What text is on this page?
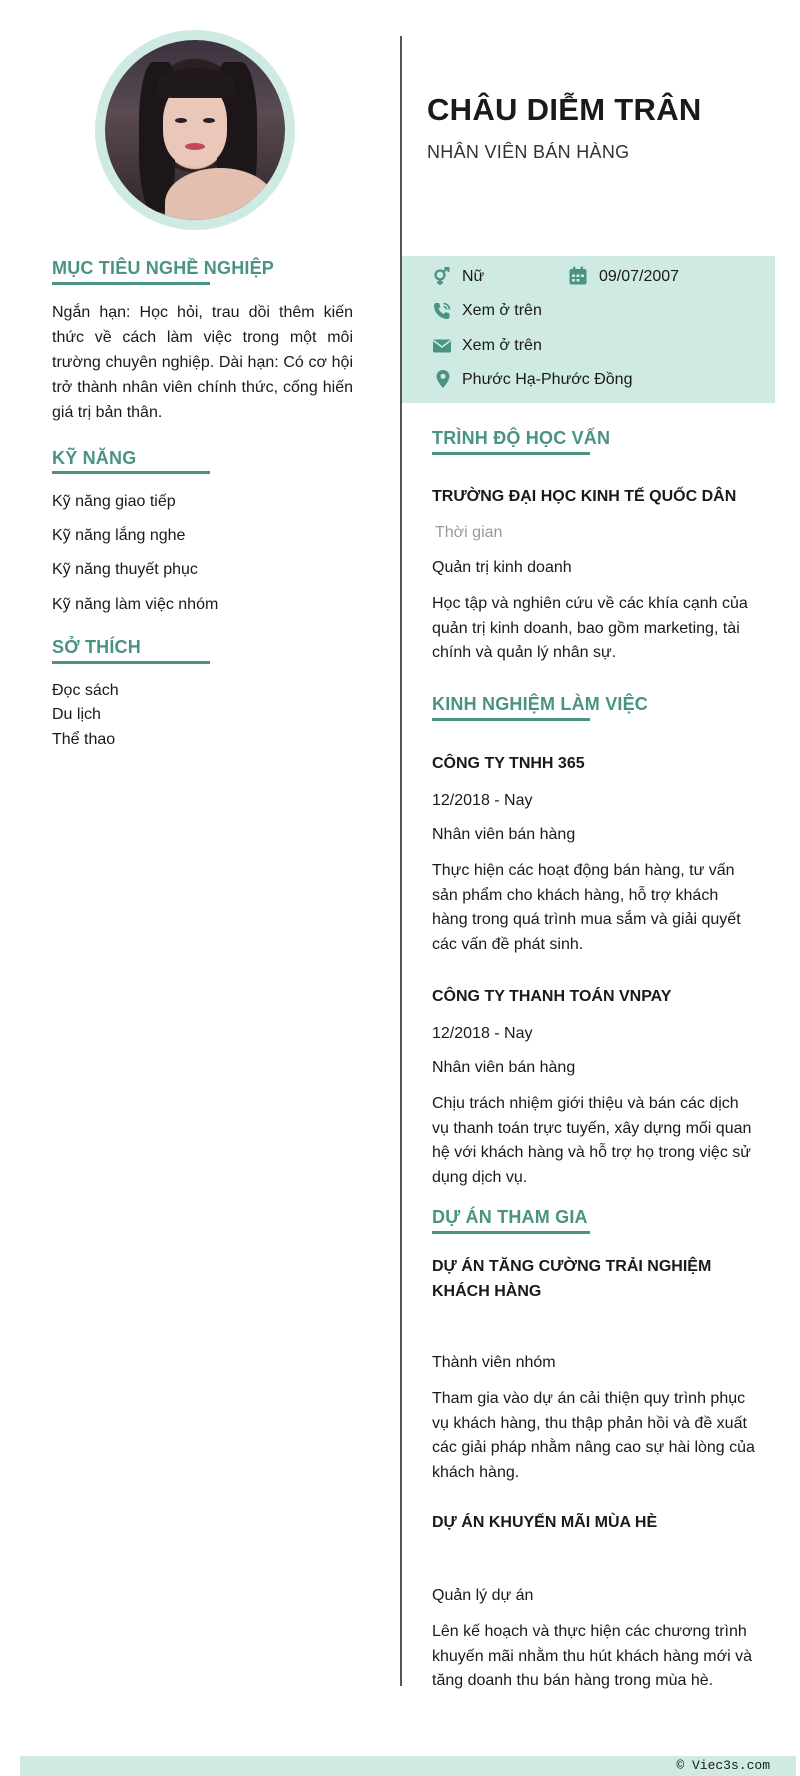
MỤC TIÊU NGHỀ NGHIỆP
Ngắn hạn: Học hỏi, trau dồi thêm kiến thức về cách làm việc trong một môi trường chuyên nghiệp. Dài hạn: Có cơ hội trở thành nhân viên chính thức, cống hiến giá trị bản thân.
KỸ NĂNG
Kỹ năng giao tiếp
Kỹ năng lắng nghe
Kỹ năng thuyết phục
Kỹ năng làm việc nhóm
SỞ THÍCH
Đọc sách
Du lịch
Thể thao
CHÂU DIỄM TRÂN
NHÂN VIÊN BÁN HÀNG
Nữ	09/07/2007
Xem ở trên
Xem ở trên
Phước Hạ-Phước Đồng
TRÌNH ĐỘ HỌC VẤN
TRƯỜNG ĐẠI HỌC KINH TẾ QUỐC DÂN
Thời gian
Quản trị kinh doanh
Học tập và nghiên cứu về các khía cạnh của quản trị kinh doanh, bao gồm marketing, tài chính và quản lý nhân sự.
KINH NGHIỆM LÀM VIỆC
CÔNG TY TNHH 365
12/2018 - Nay
Nhân viên bán hàng
Thực hiện các hoạt động bán hàng, tư vấn sản phẩm cho khách hàng, hỗ trợ khách hàng trong quá trình mua sắm và giải quyết các vấn đề phát sinh.
CÔNG TY THANH TOÁN VNPAY
12/2018 - Nay
Nhân viên bán hàng
Chịu trách nhiệm giới thiệu và bán các dịch vụ thanh toán trực tuyến, xây dựng mối quan hệ với khách hàng và hỗ trợ họ trong việc sử dụng dịch vụ.
DỰ ÁN THAM GIA
DỰ ÁN TĂNG CƯỜNG TRẢI NGHIỆM
KHÁCH HÀNG
Thành viên nhóm
Tham gia vào dự án cải thiện quy trình phục vụ khách hàng, thu thập phản hồi và đề xuất các giải pháp nhằm nâng cao sự hài lòng của khách hàng.
DỰ ÁN KHUYẾN MÃI MÙA HÈ
Quản lý dự án
Lên kế hoạch và thực hiện các chương trình khuyến mãi nhằm thu hút khách hàng mới và tăng doanh thu bán hàng trong mùa hè.
© Viec3s.com
